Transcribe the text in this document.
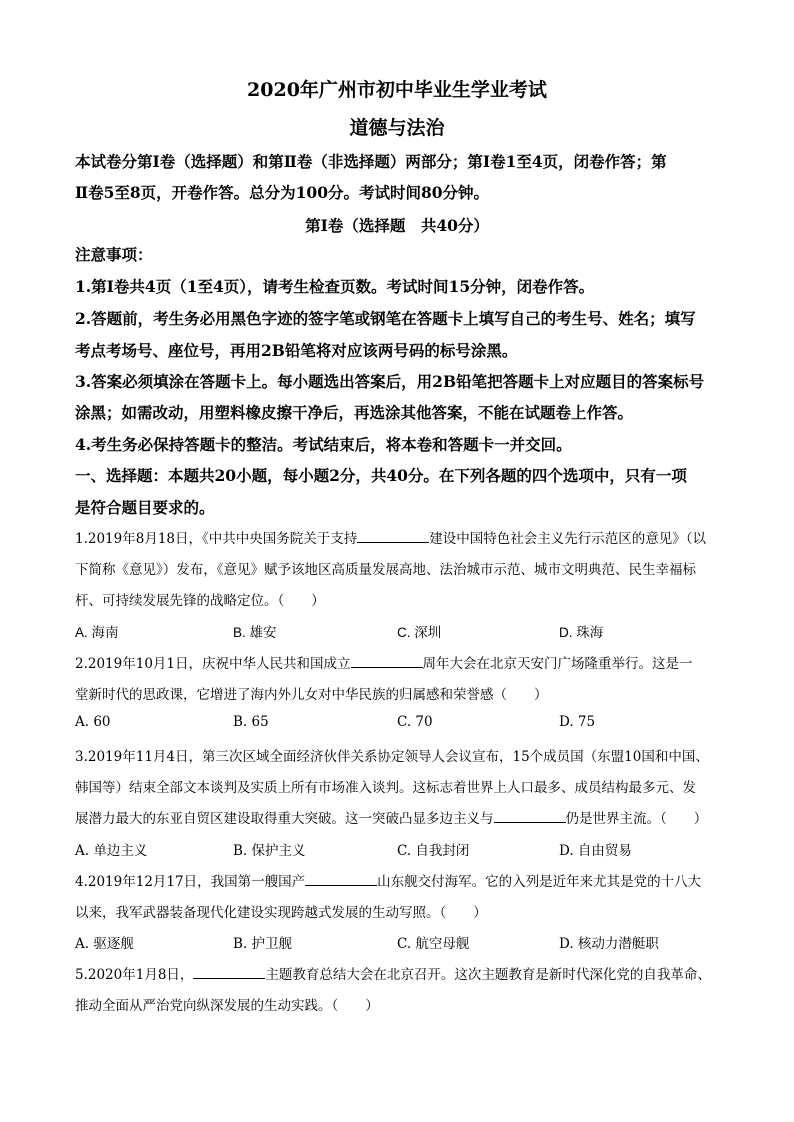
2020年广州市初中毕业生学业考试
道德与法治
本试卷分第Ⅰ卷（选择题）和第Ⅱ卷（非选择题）两部分；第Ⅰ卷1至4页，闭卷作答；第
Ⅱ卷5至8页，开卷作答。总分为100分。考试时间80分钟。
第Ⅰ卷（选择题　共40分）
注意事项：
1.第Ⅰ卷共4页（1至4页），请考生检查页数。考试时间15分钟，闭卷作答。
2.答题前，考生务必用黑色字迹的签字笔或钢笔在答题卡上填写自己的考生号、姓名；填写
考点考场号、座位号，再用2B铅笔将对应该两号码的标号涂黑。
3.答案必须填涂在答题卡上。每小题选出答案后，用2B铅笔把答题卡上对应题目的答案标号
涂黑；如需改动，用塑料橡皮擦干净后，再选涂其他答案，不能在试题卷上作答。
4.考生务必保持答题卡的整洁。考试结束后，将本卷和答题卡一并交回。
一、选择题：本题共20小题，每小题2分，共40分。在下列各题的四个选项中，只有一项
是符合题目要求的。
1.2019年8月18日，《中共中央国务院关于支持	建设中国特色社会主义先行示范区的意见》（以
下简称《意见》）发布，《意见》赋予该地区高质量发展高地、法治城市示范、城市文明典范、民生幸福标
杆、可持续发展先锋的战略定位。（　　）
A. 海南	B. 雄安	C. 深圳	D. 珠海
2.2019年10月1日，庆祝中华人民共和国成立	周年大会在北京天安门广场隆重举行。这是一
堂新时代的思政课，它增进了海内外儿女对中华民族的归属感和荣誉感（　　）
A. 60	B. 65	C. 70	D. 75
3.2019年11月4日，第三次区域全面经济伙伴关系协定领导人会议宣布，15个成员国（东盟10国和中国、
韩国等）结束全部文本谈判及实质上所有市场准入谈判。这标志着世界上人口最多、成员结构最多元、发
展潜力最大的东亚自贸区建设取得重大突破。这一突破凸显多边主义与	仍是世界主流。（　　）
A. 单边主义	B. 保护主义	C. 自我封闭	D. 自由贸易
4.2019年12月17日，我国第一艘国产	山东舰交付海军。它的入列是近年来尤其是党的十八大
以来，我军武器装备现代化建设实现跨越式发展的生动写照。（　　）
A. 驱逐舰	B. 护卫舰	C. 航空母舰	D. 核动力潜艇职
5.2020年1月8日，	主题教育总结大会在北京召开。这次主题教育是新时代深化党的自我革命、
推动全面从严治党向纵深发展的生动实践。（　　）
